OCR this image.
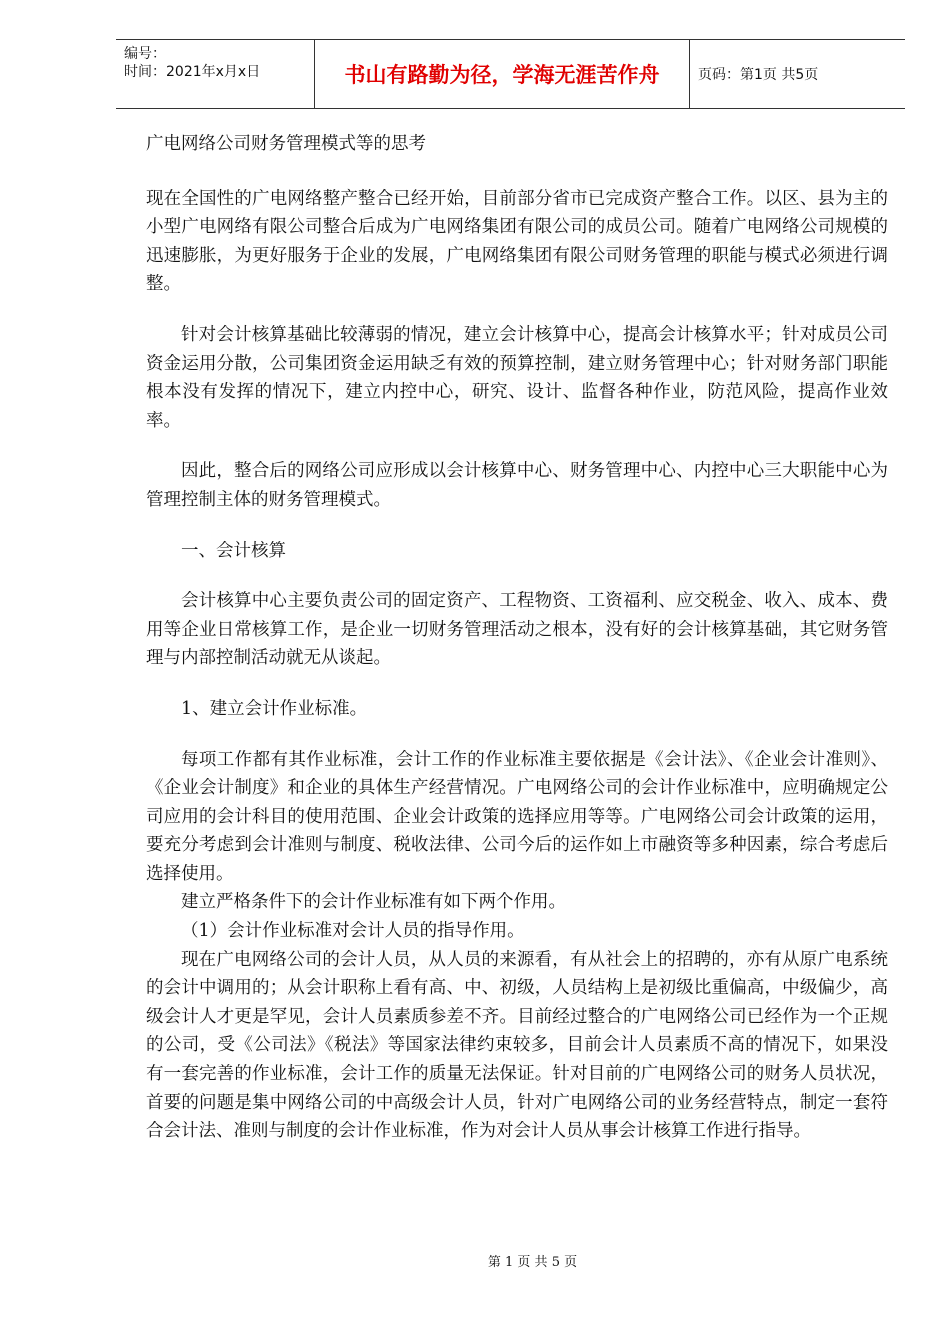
编号：
时间：2021年x月x日	书山有路勤为径，学海无涯苦作舟	页码：第1页 共5页

广电网络公司财务管理模式等的思考

现在全国性的广电网络整产整合已经开始，目前部分省市已完成资产整合工作。以区、县为主的小型广电网络有限公司整合后成为广电网络集团有限公司的成员公司。随着广电网络公司规模的迅速膨胀，为更好服务于企业的发展，广电网络集团有限公司财务管理的职能与模式必须进行调整。

针对会计核算基础比较薄弱的情况，建立会计核算中心，提高会计核算水平；针对成员公司资金运用分散，公司集团资金运用缺乏有效的预算控制，建立财务管理中心；针对财务部门职能根本没有发挥的情况下，建立内控中心，研究、设计、监督各种作业，防范风险，提高作业效率。

因此，整合后的网络公司应形成以会计核算中心、财务管理中心、内控中心三大职能中心为管理控制主体的财务管理模式。

一、会计核算

会计核算中心主要负责公司的固定资产、工程物资、工资福利、应交税金、收入、成本、费用等企业日常核算工作，是企业一切财务管理活动之根本，没有好的会计核算基础，其它财务管理与内部控制活动就无从谈起。

1、建立会计作业标准。

每项工作都有其作业标准，会计工作的作业标准主要依据是《会计法》、《企业会计准则》、《企业会计制度》和企业的具体生产经营情况。广电网络公司的会计作业标准中，应明确规定公司应用的会计科目的使用范围、企业会计政策的选择应用等等。广电网络公司会计政策的运用，要充分考虑到会计准则与制度、税收法律、公司今后的运作如上市融资等多种因素，综合考虑后选择使用。

建立严格条件下的会计作业标准有如下两个作用。

（1）会计作业标准对会计人员的指导作用。

现在广电网络公司的会计人员，从人员的来源看，有从社会上的招聘的，亦有从原广电系统的会计中调用的；从会计职称上看有高、中、初级，人员结构上是初级比重偏高，中级偏少，高级会计人才更是罕见，会计人员素质参差不齐。目前经过整合的广电网络公司已经作为一个正规的公司，受《公司法》《税法》等国家法律约束较多，目前会计人员素质不高的情况下，如果没有一套完善的作业标准，会计工作的质量无法保证。针对目前的广电网络公司的财务人员状况，首要的问题是集中网络公司的中高级会计人员，针对广电网络公司的业务经营特点，制定一套符合会计法、准则与制度的会计作业标准，作为对会计人员从事会计核算工作进行指导。

第 1 页 共 5 页
